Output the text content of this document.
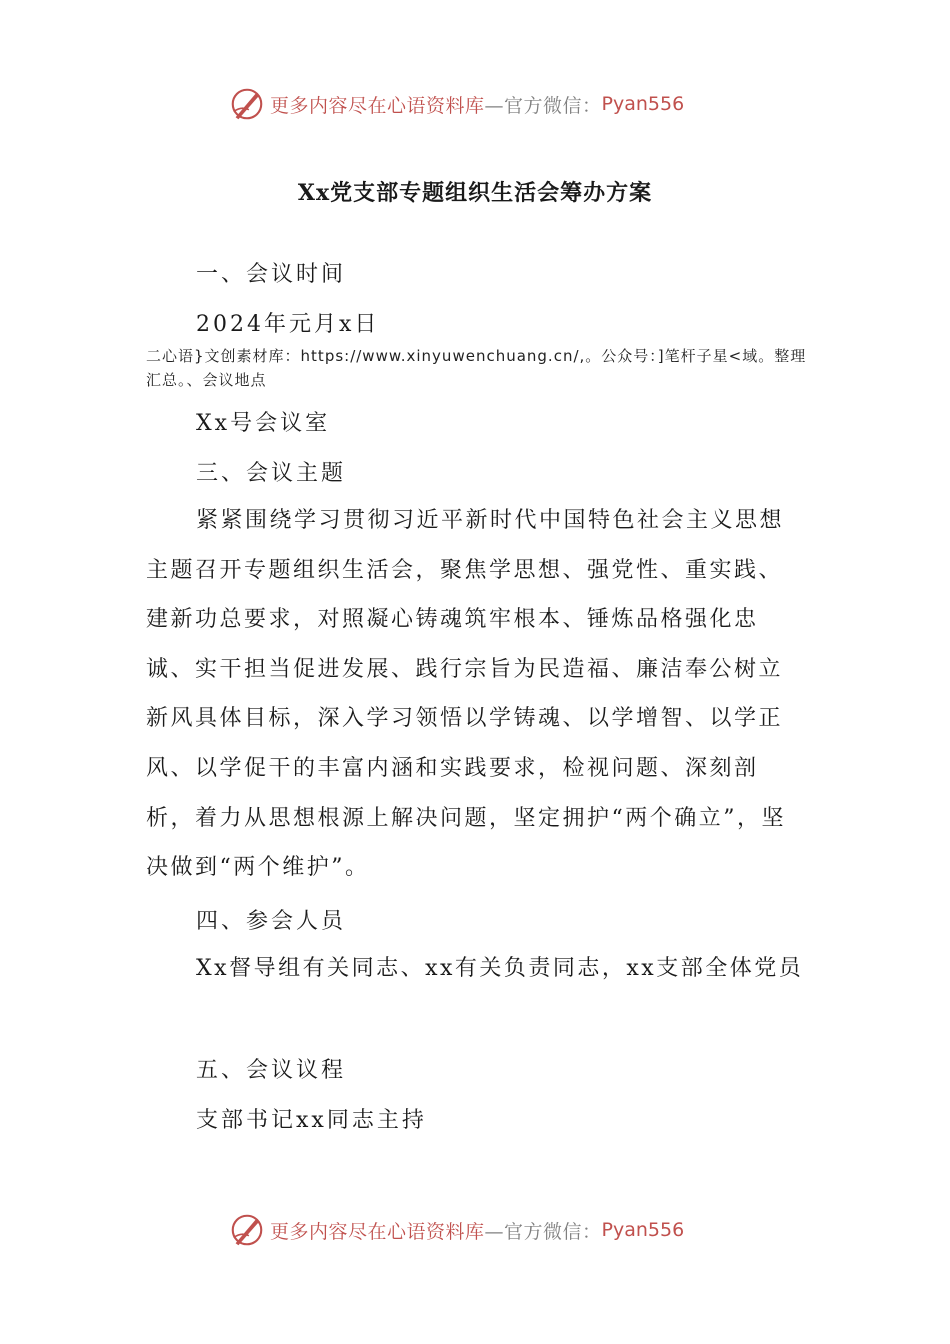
更多内容尽在心语资料库—官方微信： Pyan556
Xx党支部专题组织生活会筹办方案
一、会议时间
2024年元月x日
二心语}文创素材库：https://www.xinyuwenchuang.cn/,。公众号：]笔杆子星<域。整理汇总。、会议地点
Xx号会议室
三、会议主题
紧紧围绕学习贯彻习近平新时代中国特色社会主义思想主题召开专题组织生活会，聚焦学思想、强党性、重实践、建新功总要求，对照凝心铸魂筑牢根本、锤炼品格强化忠诚、实干担当促进发展、践行宗旨为民造福、廉洁奉公树立新风具体目标，深入学习领悟以学铸魂、以学增智、以学正风、以学促干的丰富内涵和实践要求，检视问题、深刻剖析，着力从思想根源上解决问题，坚定拥护“两个确立”，坚决做到“两个维护”。
四、参会人员
Xx督导组有关同志、xx有关负责同志，xx支部全体党员
五、会议议程
支部书记xx同志主持
更多内容尽在心语资料库—官方微信： Pyan556
